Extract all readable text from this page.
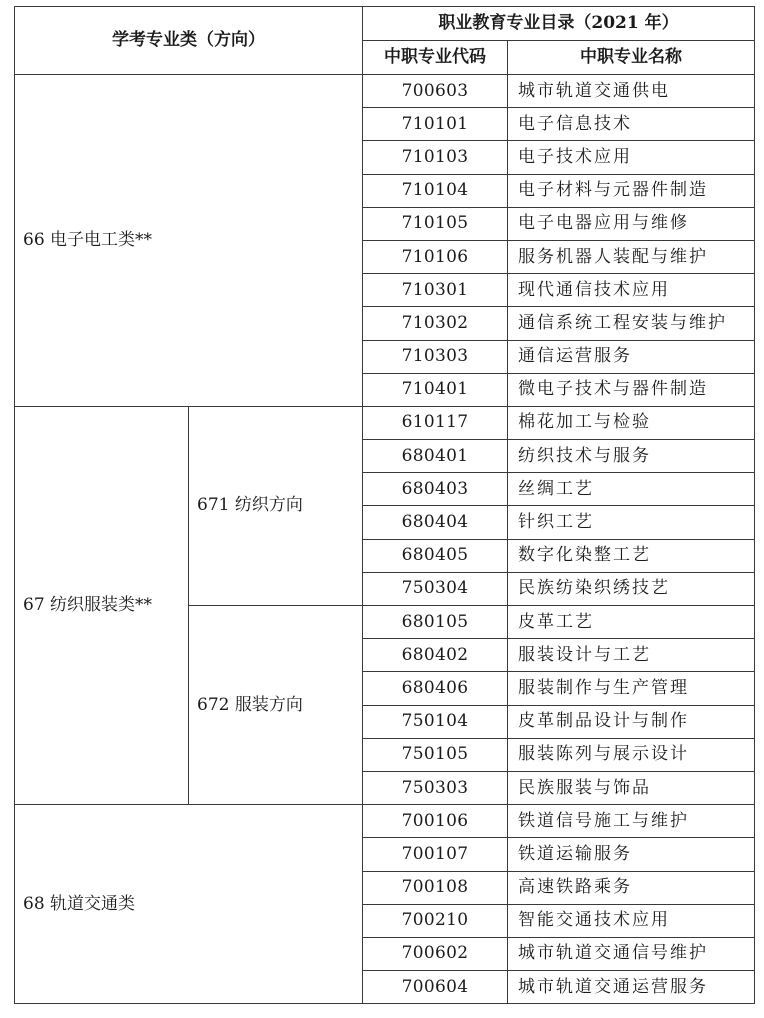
学考专业类（方向）		职业教育专业目录（2021 年）	
		中职专业代码	中职专业名称
66 电子电工类**		700603	城市轨道交通供电
		710101	电子信息技术
		710103	电子技术应用
		710104	电子材料与元器件制造
		710105	电子电器应用与维修
		710106	服务机器人装配与维护
		710301	现代通信技术应用
		710302	通信系统工程安装与维护
		710303	通信运营服务
		710401	微电子技术与器件制造
67 纺织服装类**	671 纺织方向	610117	棉花加工与检验
		680401	纺织技术与服务
		680403	丝绸工艺
		680404	针织工艺
		680405	数字化染整工艺
		750304	民族纺染织绣技艺
	672 服装方向	680105	皮革工艺
		680402	服装设计与工艺
		680406	服装制作与生产管理
		750104	皮革制品设计与制作
		750105	服装陈列与展示设计
		750303	民族服装与饰品
68 轨道交通类		700106	铁道信号施工与维护
		700107	铁道运输服务
		700108	高速铁路乘务
		700210	智能交通技术应用
		700602	城市轨道交通信号维护
		700604	城市轨道交通运营服务
